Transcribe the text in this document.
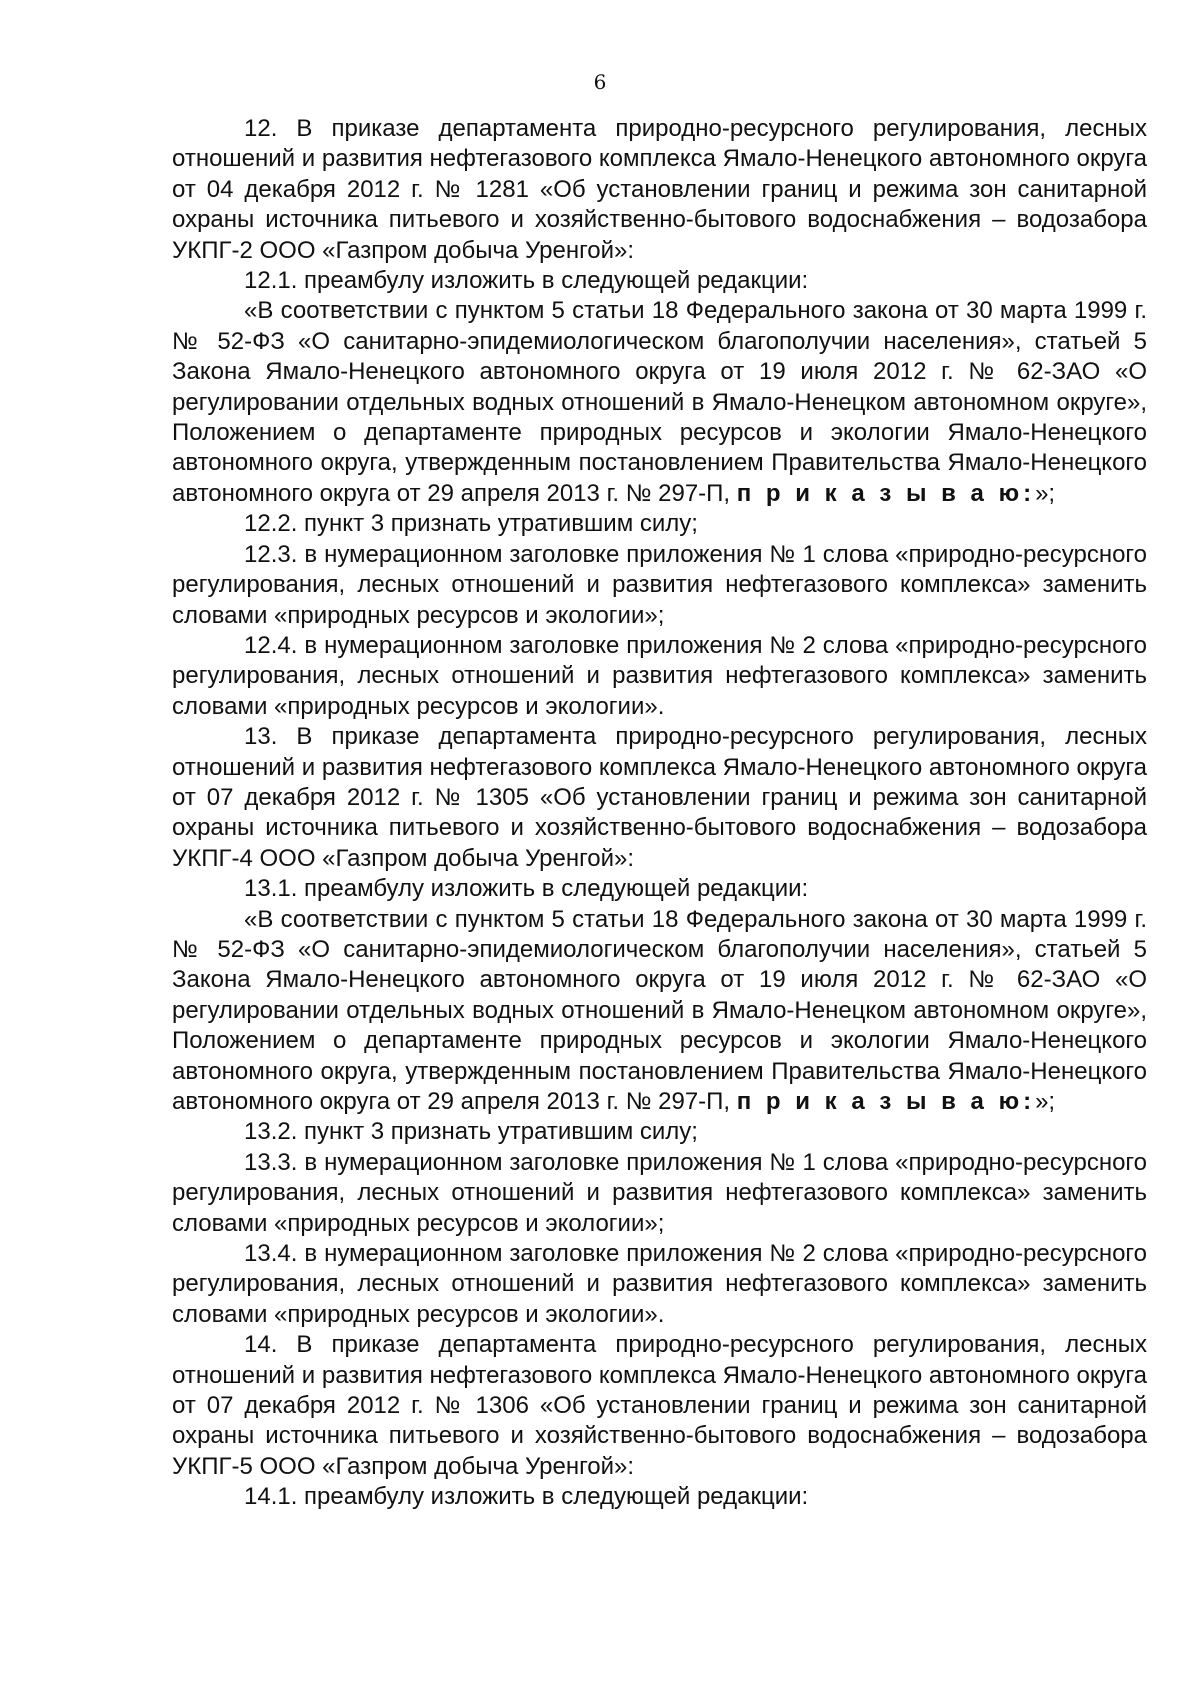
6

12. В приказе департамента природно-ресурсного регулирования, лесных отношений и развития нефтегазового комплекса Ямало-Ненецкого автономного округа от 04 декабря 2012 г. № 1281 «Об установлении границ и режима зон санитарной охраны источника питьевого и хозяйственно-бытового водоснабжения – водозабора УКПГ-2 ООО «Газпром добыча Уренгой»:

12.1. преамбулу изложить в следующей редакции:

«В соответствии с пунктом 5 статьи 18 Федерального закона от 30 марта 1999 г. № 52-ФЗ «О санитарно-эпидемиологическом благополучии населения», статьей 5 Закона Ямало-Ненецкого автономного округа от 19 июля 2012 г. № 62-ЗАО «О регулировании отдельных водных отношений в Ямало-Ненецком автономном округе», Положением о департаменте природных ресурсов и экологии Ямало-Ненецкого автономного округа, утвержденным постановлением Правительства Ямало-Ненецкого автономного округа от 29 апреля 2013 г. № 297-П, п р и к а з ы в а ю:»;

12.2. пункт 3 признать утратившим силу;

12.3. в нумерационном заголовке приложения № 1 слова «природно-ресурсного регулирования, лесных отношений и развития нефтегазового комплекса» заменить словами «природных ресурсов и экологии»;

12.4. в нумерационном заголовке приложения № 2 слова «природно-ресурсного регулирования, лесных отношений и развития нефтегазового комплекса» заменить словами «природных ресурсов и экологии».

13. В приказе департамента природно-ресурсного регулирования, лесных отношений и развития нефтегазового комплекса Ямало-Ненецкого автономного округа от 07 декабря 2012 г. № 1305 «Об установлении границ и режима зон санитарной охраны источника питьевого и хозяйственно-бытового водоснабжения – водозабора УКПГ-4 ООО «Газпром добыча Уренгой»:

13.1. преамбулу изложить в следующей редакции:

«В соответствии с пунктом 5 статьи 18 Федерального закона от 30 марта 1999 г. № 52-ФЗ «О санитарно-эпидемиологическом благополучии населения», статьей 5 Закона Ямало-Ненецкого автономного округа от 19 июля 2012 г. № 62-ЗАО «О регулировании отдельных водных отношений в Ямало-Ненецком автономном округе», Положением о департаменте природных ресурсов и экологии Ямало-Ненецкого автономного округа, утвержденным постановлением Правительства Ямало-Ненецкого автономного округа от 29 апреля 2013 г. № 297-П, п р и к а з ы в а ю:»;

13.2. пункт 3 признать утратившим силу;

13.3. в нумерационном заголовке приложения № 1 слова «природно-ресурсного регулирования, лесных отношений и развития нефтегазового комплекса» заменить словами «природных ресурсов и экологии»;

13.4. в нумерационном заголовке приложения № 2 слова «природно-ресурсного регулирования, лесных отношений и развития нефтегазового комплекса» заменить словами «природных ресурсов и экологии».

14. В приказе департамента природно-ресурсного регулирования, лесных отношений и развития нефтегазового комплекса Ямало-Ненецкого автономного округа от 07 декабря 2012 г. № 1306 «Об установлении границ и режима зон санитарной охраны источника питьевого и хозяйственно-бытового водоснабжения – водозабора УКПГ-5 ООО «Газпром добыча Уренгой»:

14.1. преамбулу изложить в следующей редакции:
